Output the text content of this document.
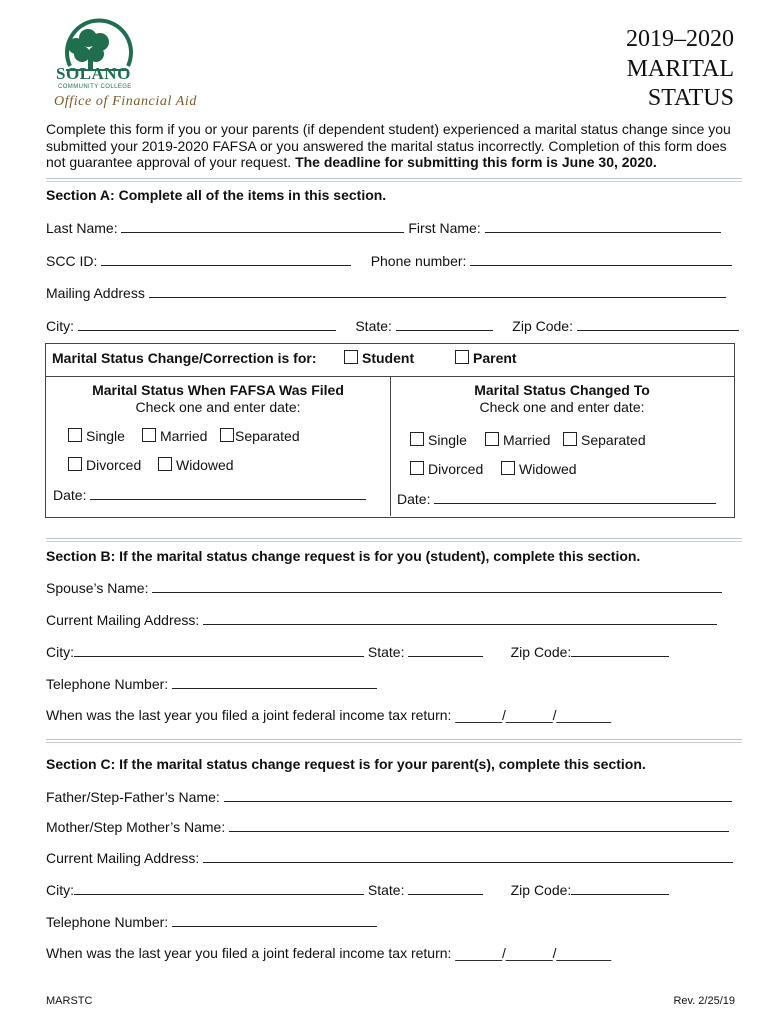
SOLANO
COMMUNITY COLLEGE
Office of Financial Aid
2019–2020
MARITAL
STATUS
Complete this form if you or your parents (if dependent student) experienced a marital status change since you submitted your 2019-2020 FAFSA or you answered the marital status incorrectly. Completion of this form does not guarantee approval of your request. The deadline for submitting this form is June 30, 2020.
Section A: Complete all of the items in this section.
Last Name:	First Name:
SCC ID:	Phone number:
Mailing Address
City:	State:	Zip Code:
Marital Status Change/Correction is for:	Student	Parent
Marital Status When FAFSA Was Filed
Check one and enter date:
Single	Married	Separated
Divorced	Widowed
Date:
Marital Status Changed To
Check one and enter date:
Single	Married	Separated
Divorced	Widowed
Date:
Section B: If the marital status change request is for you (student), complete this section.
Spouse’s Name:
Current Mailing Address:
City:	State:	Zip Code:
Telephone Number:
When was the last year you filed a joint federal income tax return: ______/______/_______
Section C: If the marital status change request is for your parent(s), complete this section.
Father/Step-Father’s Name:
Mother/Step Mother’s Name:
Current Mailing Address:
City:	State:	Zip Code:
Telephone Number:
When was the last year you filed a joint federal income tax return: ______/______/_______
MARSTC	Rev. 2/25/19
